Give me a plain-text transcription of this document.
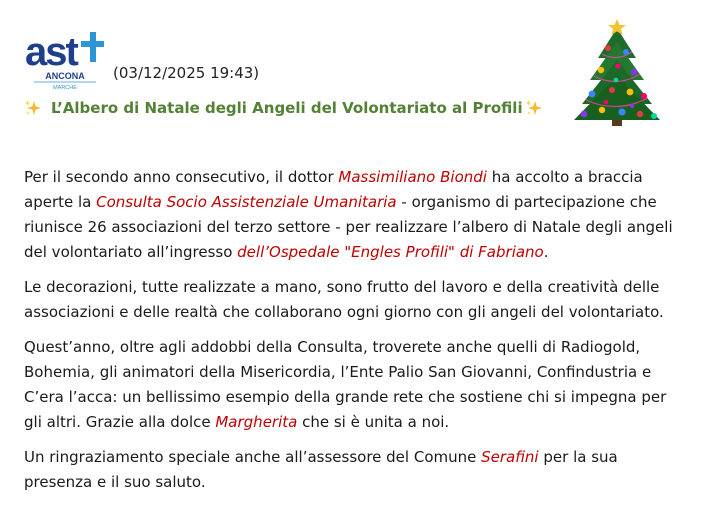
ast
ANCONA
MARCHE
(03/12/2025 19:43)
L’Albero di Natale degli Angeli del Volontariato al Profili

Per il secondo anno consecutivo, il dottor Massimiliano Biondi ha accolto a braccia aperte la Consulta Socio Assistenziale Umanitaria - organismo di partecipazione che riunisce 26 associazioni del terzo settore - per realizzare l’albero di Natale degli angeli del volontariato all’ingresso dell’Ospedale "Engles Profili" di Fabriano.

Le decorazioni, tutte realizzate a mano, sono frutto del lavoro e della creatività delle associazioni e delle realtà che collaborano ogni giorno con gli angeli del volontariato.

Quest’anno, oltre agli addobbi della Consulta, troverete anche quelli di Radiogold, Bohemia, gli animatori della Misericordia, l’Ente Palio San Giovanni, Confindustria e C’era l’acca: un bellissimo esempio della grande rete che sostiene chi si impegna per gli altri. Grazie alla dolce Margherita che si è unita a noi.

Un ringraziamento speciale anche all’assessore del Comune Serafini per la sua presenza e il suo saluto.
